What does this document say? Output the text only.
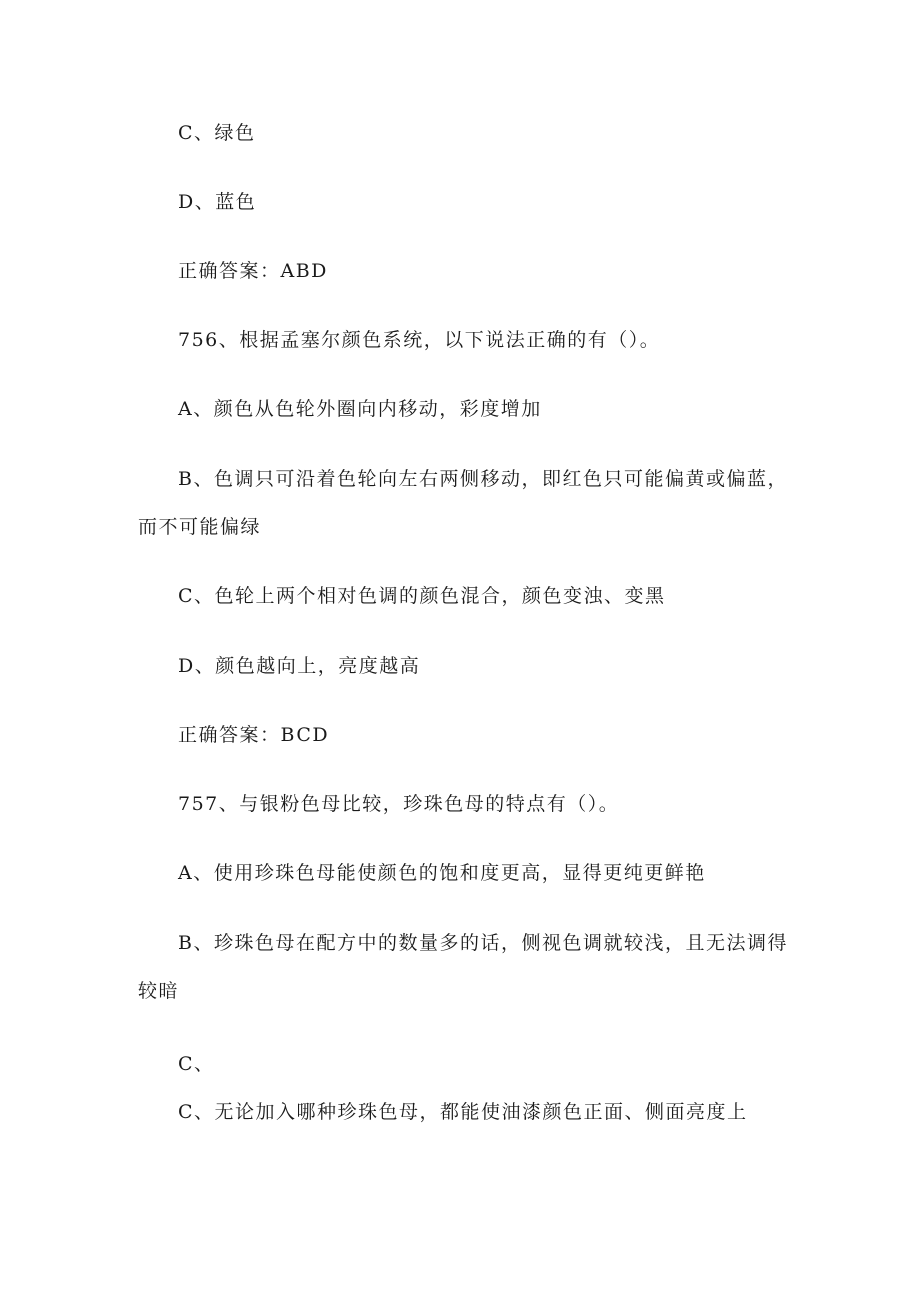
C、绿色
D、蓝色
正确答案：ABD
756、根据孟塞尔颜色系统，以下说法正确的有（）。
A、颜色从色轮外圈向内移动，彩度增加
B、色调只可沿着色轮向左右两侧移动，即红色只可能偏黄或偏蓝，
而不可能偏绿
C、色轮上两个相对色调的颜色混合，颜色变浊、变黑
D、颜色越向上，亮度越高
正确答案：BCD
757、与银粉色母比较，珍珠色母的特点有（）。
A、使用珍珠色母能使颜色的饱和度更高，显得更纯更鲜艳
B、珍珠色母在配方中的数量多的话，侧视色调就较浅，且无法调得
较暗
C、
C、无论加入哪种珍珠色母，都能使油漆颜色正面、侧面亮度上
